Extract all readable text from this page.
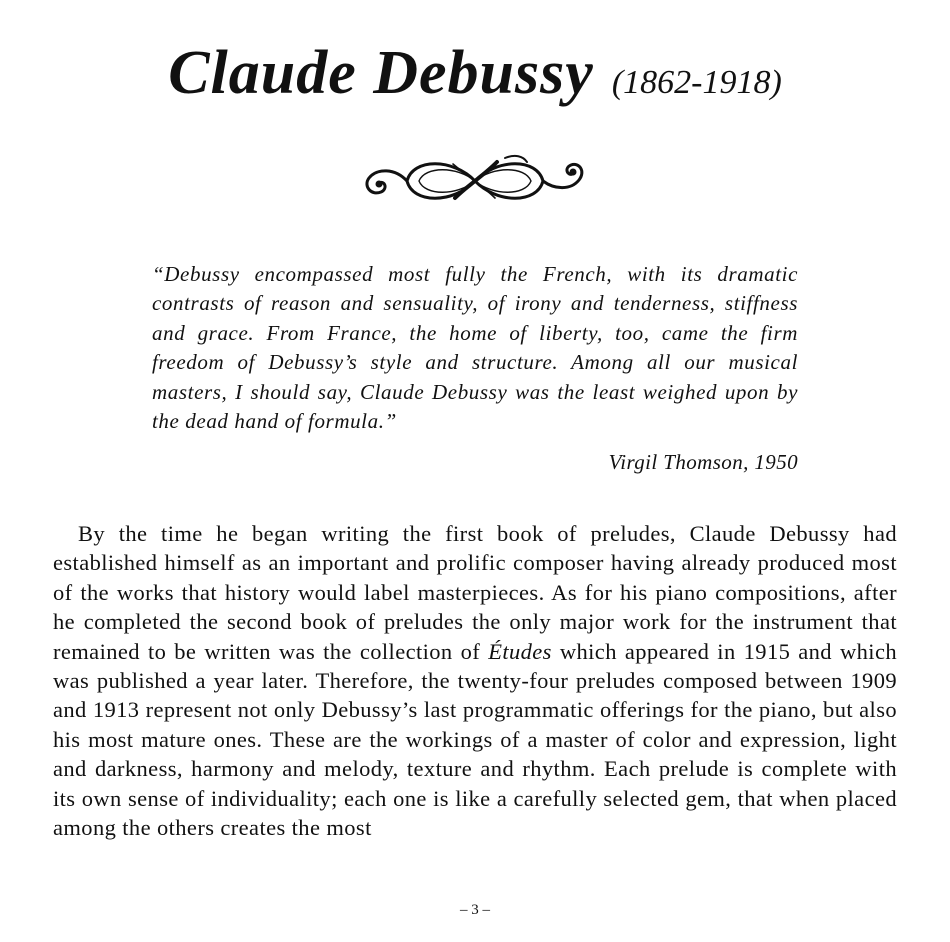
Claude Debussy (1862-1918)
“Debussy encompassed most fully the French, with its dramatic contrasts of reason and sensuality, of irony and tenderness, stiffness and grace. From France, the home of liberty, too, came the firm freedom of Debussy’s style and structure. Among all our musical masters, I should say, Claude Debussy was the least weighed upon by the dead hand of formula.”
Virgil Thomson, 1950

By the time he began writing the first book of preludes, Claude Debussy had established himself as an important and prolific composer having already produced most of the works that history would label masterpieces. As for his piano compositions, after he completed the second book of preludes the only major work for the instrument that remained to be written was the collection of Études which appeared in 1915 and which was published a year later. Therefore, the twenty-four preludes composed between 1909 and 1913 represent not only Debussy’s last programmatic offerings for the piano, but also his most mature ones. These are the workings of a master of color and expression, light and darkness, harmony and melody, texture and rhythm. Each prelude is complete with its own sense of individuality; each one is like a carefully selected gem, that when placed among the others creates the most

– 3 –
